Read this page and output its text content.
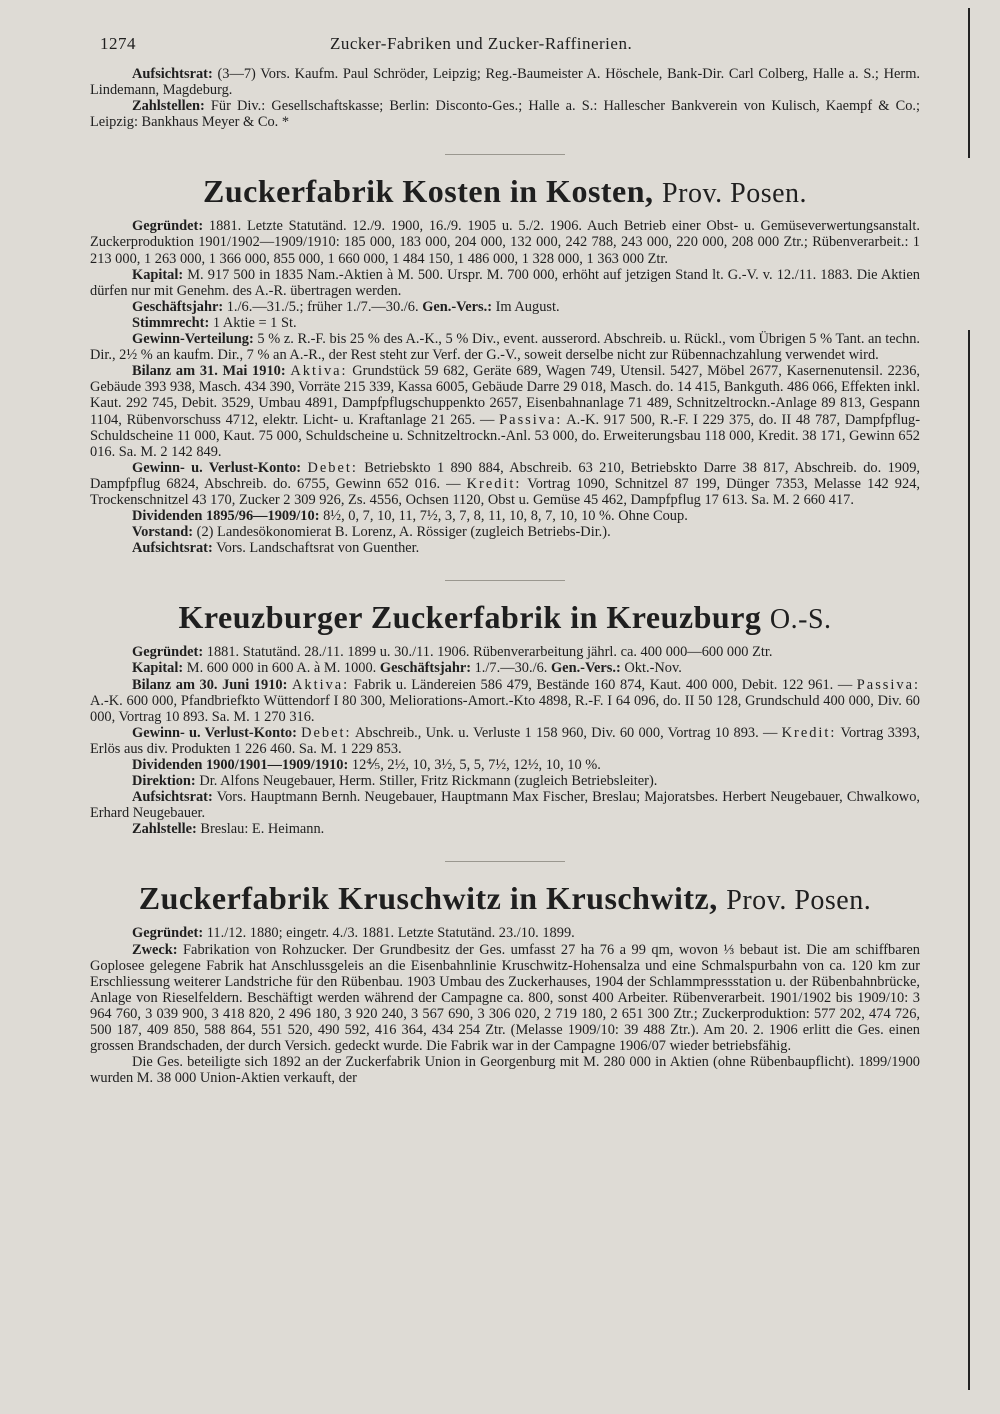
1274	Zucker-Fabriken und Zucker-Raffinerien.

Aufsichtsrat: (3—7) Vors. Kaufm. Paul Schröder, Leipzig; Reg.-Baumeister A. Höschele, Bank-Dir. Carl Colberg, Halle a. S.; Herm. Lindemann, Magdeburg.

Zahlstellen: Für Div.: Gesellschaftskasse; Berlin: Disconto-Ges.; Halle a. S.: Hallescher Bankverein von Kulisch, Kaempf & Co.; Leipzig: Bankhaus Meyer & Co. *

Zuckerfabrik Kosten in Kosten, Prov. Posen.

Gegründet: 1881. Letzte Statutänd. 12./9. 1900, 16./9. 1905 u. 5./2. 1906. Auch Betrieb einer Obst- u. Gemüseverwertungsanstalt. Zuckerproduktion 1901/1902—1909/1910: 185 000, 183 000, 204 000, 132 000, 242 788, 243 000, 220 000, 208 000 Ztr.; Rübenverarbeit.: 1 213 000, 1 263 000, 1 366 000, 855 000, 1 660 000, 1 484 150, 1 486 000, 1 328 000, 1 363 000 Ztr.

Kapital: M. 917 500 in 1835 Nam.-Aktien à M. 500. Urspr. M. 700 000, erhöht auf jetzigen Stand lt. G.-V. v. 12./11. 1883. Die Aktien dürfen nur mit Genehm. des A.-R. übertragen werden.

Geschäftsjahr: 1./6.—31./5.; früher 1./7.—30./6. Gen.-Vers.: Im August.

Stimmrecht: 1 Aktie = 1 St.

Gewinn-Verteilung: 5 % z. R.-F. bis 25 % des A.-K., 5 % Div., event. ausserord. Abschreib. u. Rückl., vom Übrigen 5 % Tant. an techn. Dir., 2½ % an kaufm. Dir., 7 % an A.-R., der Rest steht zur Verf. der G.-V., soweit derselbe nicht zur Rübennachzahlung verwendet wird.

Bilanz am 31. Mai 1910: Aktiva: Grundstück 59 682, Geräte 689, Wagen 749, Utensil. 5427, Möbel 2677, Kasernenutensil. 2236, Gebäude 393 938, Masch. 434 390, Vorräte 215 339, Kassa 6005, Gebäude Darre 29 018, Masch. do. 14 415, Bankguth. 486 066, Effekten inkl. Kaut. 292 745, Debit. 3529, Umbau 4891, Dampfpflugschuppenkto 2657, Eisenbahnanlage 71 489, Schnitzeltrockn.-Anlage 89 813, Gespann 1104, Rübenvorschuss 4712, elektr. Licht- u. Kraftanlage 21 265. — Passiva: A.-K. 917 500, R.-F. I 229 375, do. II 48 787, Dampfpflug-Schuldscheine 11 000, Kaut. 75 000, Schuldscheine u. Schnitzeltrockn.-Anl. 53 000, do. Erweiterungsbau 118 000, Kredit. 38 171, Gewinn 652 016. Sa. M. 2 142 849.

Gewinn- u. Verlust-Konto: Debet: Betriebskto 1 890 884, Abschreib. 63 210, Betriebskto Darre 38 817, Abschreib. do. 1909, Dampfpflug 6824, Abschreib. do. 6755, Gewinn 652 016. — Kredit: Vortrag 1090, Schnitzel 87 199, Dünger 7353, Melasse 142 924, Trockenschnitzel 43 170, Zucker 2 309 926, Zs. 4556, Ochsen 1120, Obst u. Gemüse 45 462, Dampfpflug 17 613. Sa. M. 2 660 417.

Dividenden 1895/96—1909/10: 8½, 0, 7, 10, 11, 7½, 3, 7, 8, 11, 10, 8, 7, 10, 10 %. Ohne Coup.

Vorstand: (2) Landesökonomierat B. Lorenz, A. Rössiger (zugleich Betriebs-Dir.).

Aufsichtsrat: Vors. Landschaftsrat von Guenther.

Kreuzburger Zuckerfabrik in Kreuzburg O.-S.

Gegründet: 1881. Statutänd. 28./11. 1899 u. 30./11. 1906. Rübenverarbeitung jährl. ca. 400 000—600 000 Ztr.

Kapital: M. 600 000 in 600 A. à M. 1000. Geschäftsjahr: 1./7.—30./6. Gen.-Vers.: Okt.-Nov.

Bilanz am 30. Juni 1910: Aktiva: Fabrik u. Ländereien 586 479, Bestände 160 874, Kaut. 400 000, Debit. 122 961. — Passiva: A.-K. 600 000, Pfandbriefkto Wüttendorf I 80 300, Meliorations-Amort.-Kto 4898, R.-F. I 64 096, do. II 50 128, Grundschuld 400 000, Div. 60 000, Vortrag 10 893. Sa. M. 1 270 316.

Gewinn- u. Verlust-Konto: Debet: Abschreib., Unk. u. Verluste 1 158 960, Div. 60 000, Vortrag 10 893. — Kredit: Vortrag 3393, Erlös aus div. Produkten 1 226 460. Sa. M. 1 229 853.

Dividenden 1900/1901—1909/1910: 12⅘, 2½, 10, 3½, 5, 5, 7½, 12½, 10, 10 %.

Direktion: Dr. Alfons Neugebauer, Herm. Stiller, Fritz Rickmann (zugleich Betriebsleiter).

Aufsichtsrat: Vors. Hauptmann Bernh. Neugebauer, Hauptmann Max Fischer, Breslau; Majoratsbes. Herbert Neugebauer, Chwalkowo, Erhard Neugebauer.

Zahlstelle: Breslau: E. Heimann.

Zuckerfabrik Kruschwitz in Kruschwitz, Prov. Posen.

Gegründet: 11./12. 1880; eingetr. 4./3. 1881. Letzte Statutänd. 23./10. 1899.

Zweck: Fabrikation von Rohzucker. Der Grundbesitz der Ges. umfasst 27 ha 76 a 99 qm, wovon ⅓ bebaut ist. Die am schiffbaren Goplosee gelegene Fabrik hat Anschlussgeleis an die Eisenbahnlinie Kruschwitz-Hohensalza und eine Schmalspurbahn von ca. 120 km zur Erschliessung weiterer Landstriche für den Rübenbau. 1903 Umbau des Zuckerhauses, 1904 der Schlammpressstation u. der Rübenbahnbrücke, Anlage von Rieselfeldern. Beschäftigt werden während der Campagne ca. 800, sonst 400 Arbeiter. Rübenverarbeit. 1901/1902 bis 1909/10: 3 964 760, 3 039 900, 3 418 820, 2 496 180, 3 920 240, 3 567 690, 3 306 020, 2 719 180, 2 651 300 Ztr.; Zuckerproduktion: 577 202, 474 726, 500 187, 409 850, 588 864, 551 520, 490 592, 416 364, 434 254 Ztr. (Melasse 1909/10: 39 488 Ztr.). Am 20. 2. 1906 erlitt die Ges. einen grossen Brandschaden, der durch Versich. gedeckt wurde. Die Fabrik war in der Campagne 1906/07 wieder betriebsfähig.

Die Ges. beteiligte sich 1892 an der Zuckerfabrik Union in Georgenburg mit M. 280 000 in Aktien (ohne Rübenbaupflicht). 1899/1900 wurden M. 38 000 Union-Aktien verkauft, der
